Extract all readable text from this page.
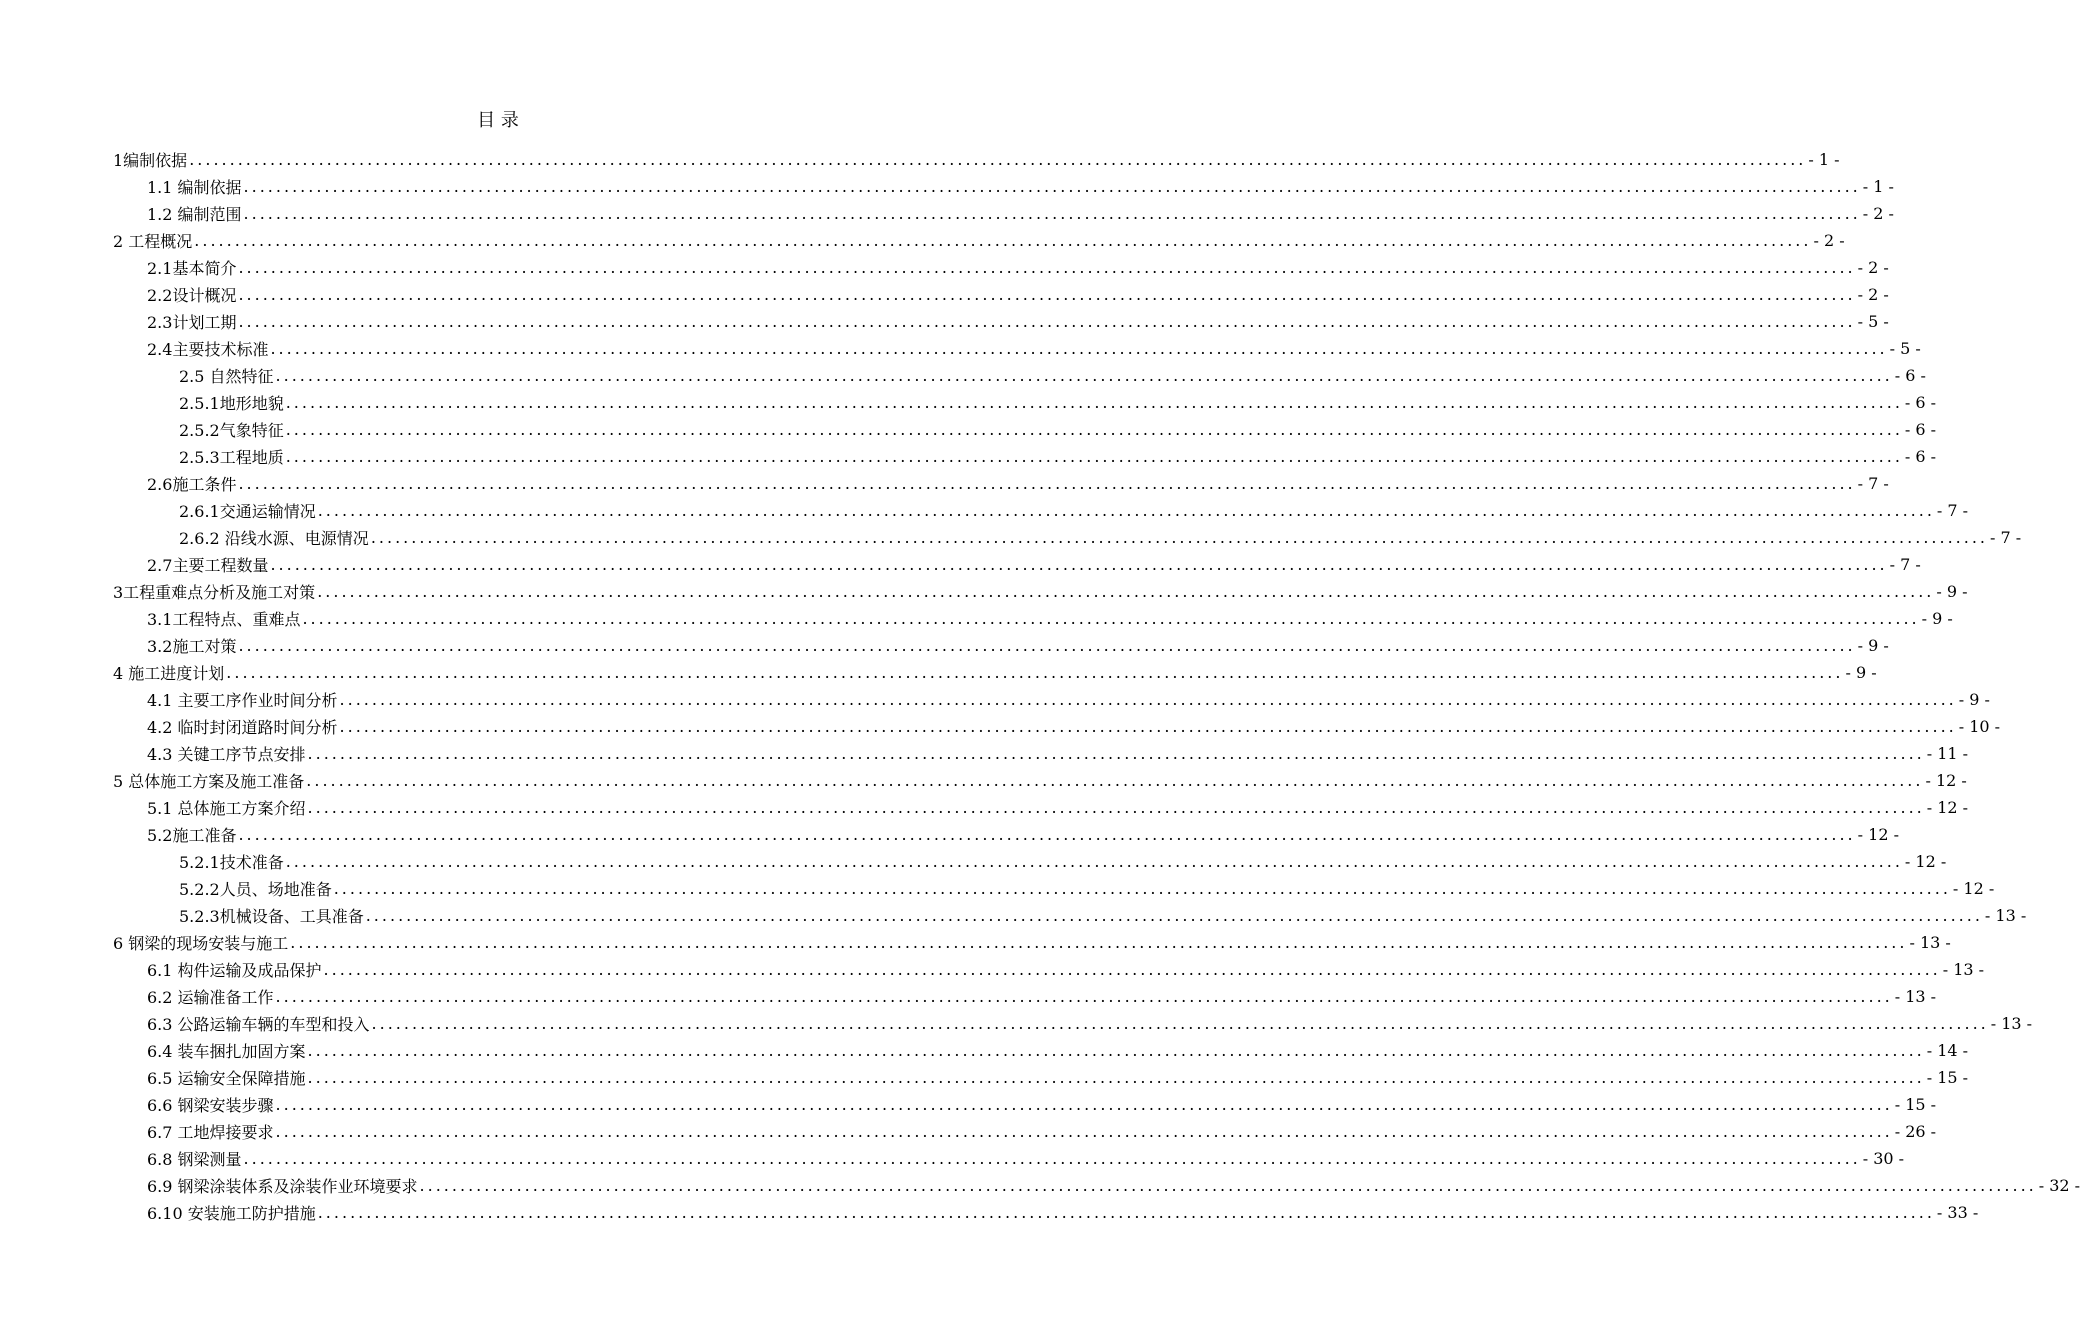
目 录
1编制依据 ........................................................................................................................................................................................................ - 1 -
1.1 编制依据 ........................................................................................................................................................................................................ - 1 -
1.2 编制范围 ........................................................................................................................................................................................................ - 2 -
2 工程概况 ........................................................................................................................................................................................................ - 2 -
2.1基本简介 ........................................................................................................................................................................................................ - 2 -
2.2设计概况 ........................................................................................................................................................................................................ - 2 -
2.3计划工期 ........................................................................................................................................................................................................ - 5 -
2.4主要技术标准 ........................................................................................................................................................................................................ - 5 -
2.5 自然特征 ........................................................................................................................................................................................................ - 6 -
2.5.1地形地貌 ........................................................................................................................................................................................................ - 6 -
2.5.2气象特征 ........................................................................................................................................................................................................ - 6 -
2.5.3工程地质 ........................................................................................................................................................................................................ - 6 -
2.6施工条件 ........................................................................................................................................................................................................ - 7 -
2.6.1交通运输情况 ........................................................................................................................................................................................................ - 7 -
2.6.2 沿线水源、电源情况 ........................................................................................................................................................................................................ - 7 -
2.7主要工程数量 ........................................................................................................................................................................................................ - 7 -
3工程重难点分析及施工对策 ........................................................................................................................................................................................................ - 9 -
3.1工程特点、重难点 ........................................................................................................................................................................................................ - 9 -
3.2施工对策 ........................................................................................................................................................................................................ - 9 -
4 施工进度计划 ........................................................................................................................................................................................................ - 9 -
4.1 主要工序作业时间分析 ........................................................................................................................................................................................................ - 9 -
4.2 临时封闭道路时间分析 ........................................................................................................................................................................................................ - 10 -
4.3 关键工序节点安排 ........................................................................................................................................................................................................ - 11 -
5 总体施工方案及施工准备 ........................................................................................................................................................................................................ - 12 -
5.1 总体施工方案介绍 ........................................................................................................................................................................................................ - 12 -
5.2施工准备 ........................................................................................................................................................................................................ - 12 -
5.2.1技术准备 ........................................................................................................................................................................................................ - 12 -
5.2.2人员、场地准备 ........................................................................................................................................................................................................ - 12 -
5.2.3机械设备、工具准备 ........................................................................................................................................................................................................ - 13 -
6 钢梁的现场安装与施工 ........................................................................................................................................................................................................ - 13 -
6.1 构件运输及成品保护 ........................................................................................................................................................................................................ - 13 -
6.2 运输准备工作 ........................................................................................................................................................................................................ - 13 -
6.3 公路运输车辆的车型和投入 ........................................................................................................................................................................................................ - 13 -
6.4 装车捆扎加固方案 ........................................................................................................................................................................................................ - 14 -
6.5 运输安全保障措施 ........................................................................................................................................................................................................ - 15 -
6.6 钢梁安装步骤 ........................................................................................................................................................................................................ - 15 -
6.7 工地焊接要求 ........................................................................................................................................................................................................ - 26 -
6.8 钢梁测量 ........................................................................................................................................................................................................ - 30 -
6.9 钢梁涂装体系及涂装作业环境要求 ........................................................................................................................................................................................................ - 32 -
6.10 安装施工防护措施 ........................................................................................................................................................................................................ - 33 -
